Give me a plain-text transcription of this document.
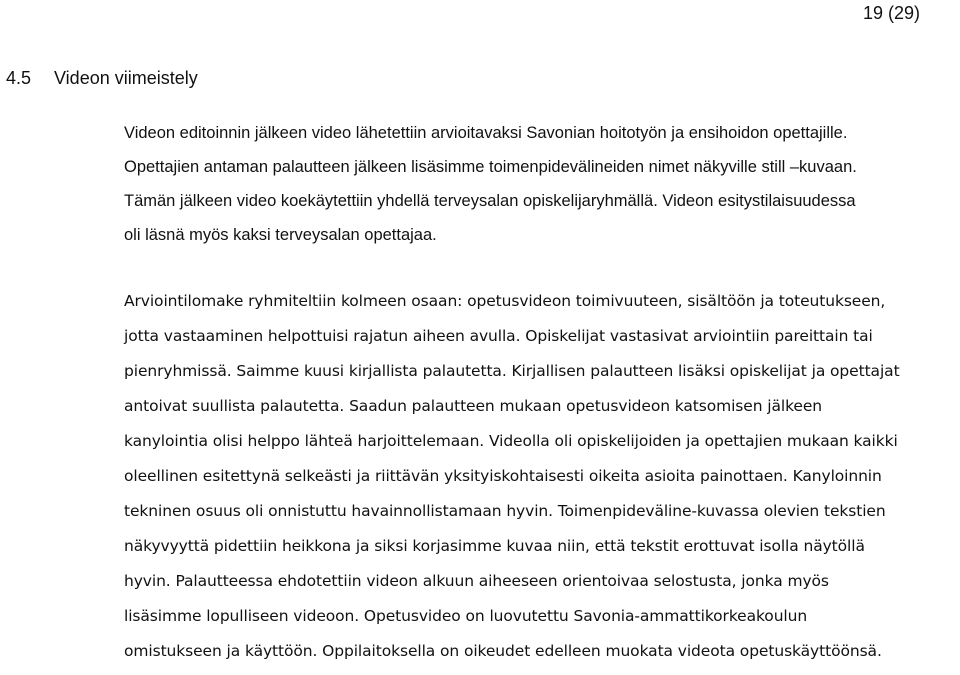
19 (29)
4.5 Videon viimeistely
Videon editoinnin jälkeen video lähetettiin arvioitavaksi Savonian hoitotyön ja ensihoidon opettajille.
Opettajien antaman palautteen jälkeen lisäsimme toimenpidevälineiden nimet näkyville still –kuvaan.
Tämän jälkeen video koekäytettiin yhdellä terveysalan opiskelijaryhmällä. Videon esitystilaisuudessa
oli läsnä myös kaksi terveysalan opettajaa.
Arviointilomake ryhmiteltiin kolmeen osaan: opetusvideon toimivuuteen, sisältöön ja toteutukseen,
jotta vastaaminen helpottuisi rajatun aiheen avulla. Opiskelijat vastasivat arviointiin pareittain tai
pienryhmissä. Saimme kuusi kirjallista palautetta. Kirjallisen palautteen lisäksi opiskelijat ja opettajat
antoivat suullista palautetta. Saadun palautteen mukaan opetusvideon katsomisen jälkeen
kanylointia olisi helppo lähteä harjoittelemaan. Videolla oli opiskelijoiden ja opettajien mukaan kaikki
oleellinen esitettynä selkeästi ja riittävän yksityiskohtaisesti oikeita asioita painottaen. Kanyloinnin
tekninen osuus oli onnistuttu havainnollistamaan hyvin. Toimenpideväline-kuvassa olevien tekstien
näkyvyyttä pidettiin heikkona ja siksi korjasimme kuvaa niin, että tekstit erottuvat isolla näytöllä
hyvin. Palautteessa ehdotettiin videon alkuun aiheeseen orientoivaa selostusta, jonka myös
lisäsimme lopulliseen videoon. Opetusvideo on luovutettu Savonia-ammattikorkeakoulun
omistukseen ja käyttöön. Oppilaitoksella on oikeudet edelleen muokata videota opetuskäyttöönsä.
